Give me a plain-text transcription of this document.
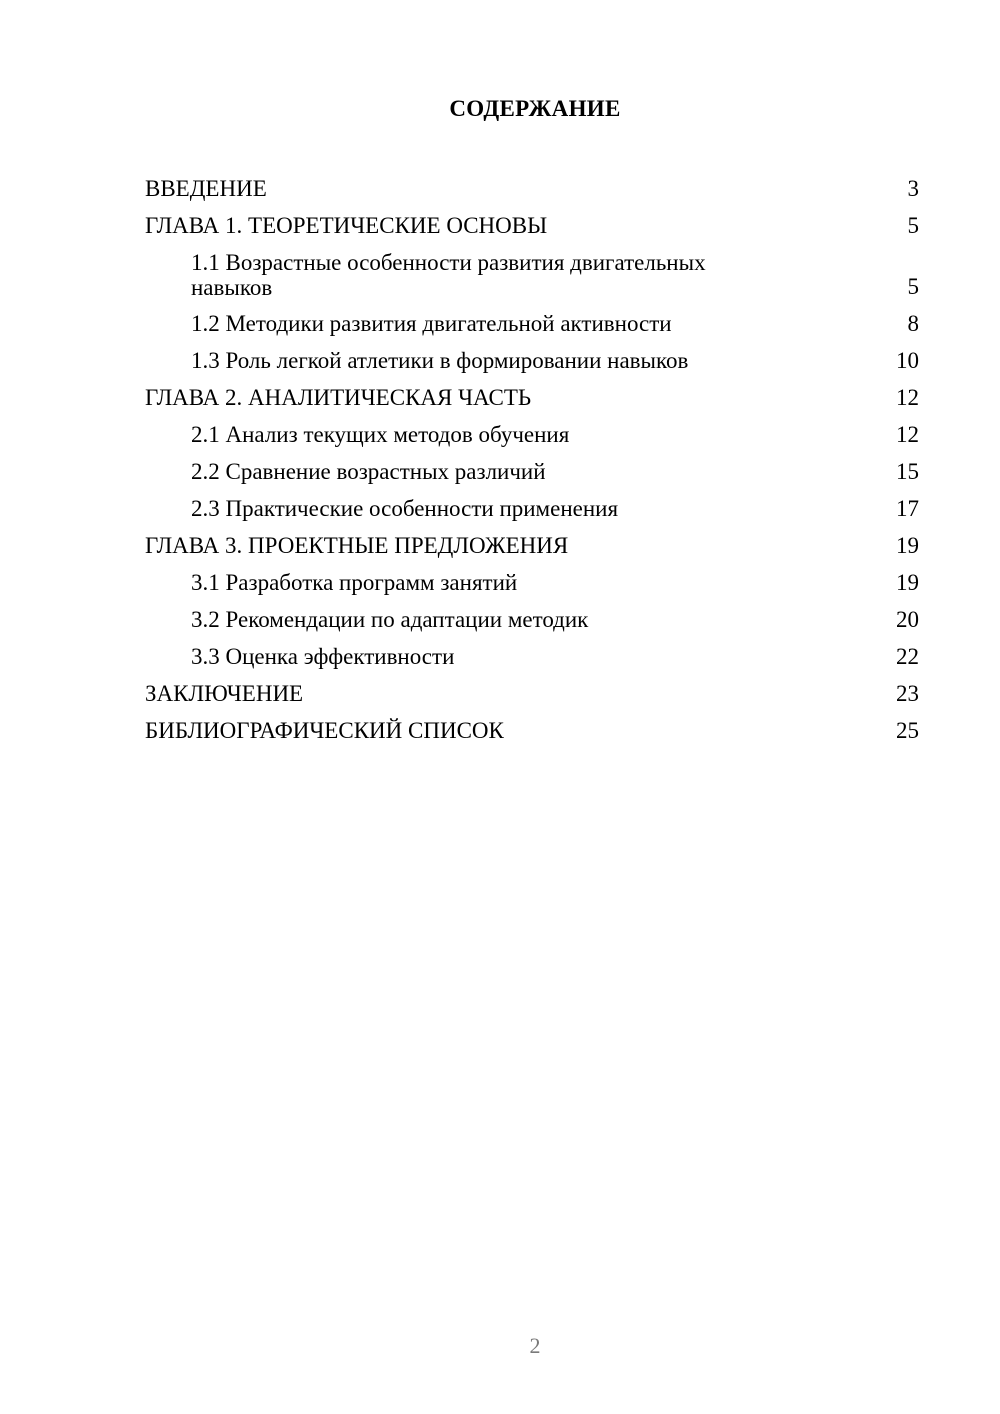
СОДЕРЖАНИЕ
ВВЕДЕНИЕ	3
ГЛАВА 1. ТЕОРЕТИЧЕСКИЕ ОСНОВЫ	5
1.1 Возрастные особенности развития двигательных навыков	5
1.2 Методики развития двигательной активности	8
1.3 Роль легкой атлетики в формировании навыков	10
ГЛАВА 2. АНАЛИТИЧЕСКАЯ ЧАСТЬ	12
2.1 Анализ текущих методов обучения	12
2.2 Сравнение возрастных различий	15
2.3 Практические особенности применения	17
ГЛАВА 3. ПРОЕКТНЫЕ ПРЕДЛОЖЕНИЯ	19
3.1 Разработка программ занятий	19
3.2 Рекомендации по адаптации методик	20
3.3 Оценка эффективности	22
ЗАКЛЮЧЕНИЕ	23
БИБЛИОГРАФИЧЕСКИЙ СПИСОК	25
2
